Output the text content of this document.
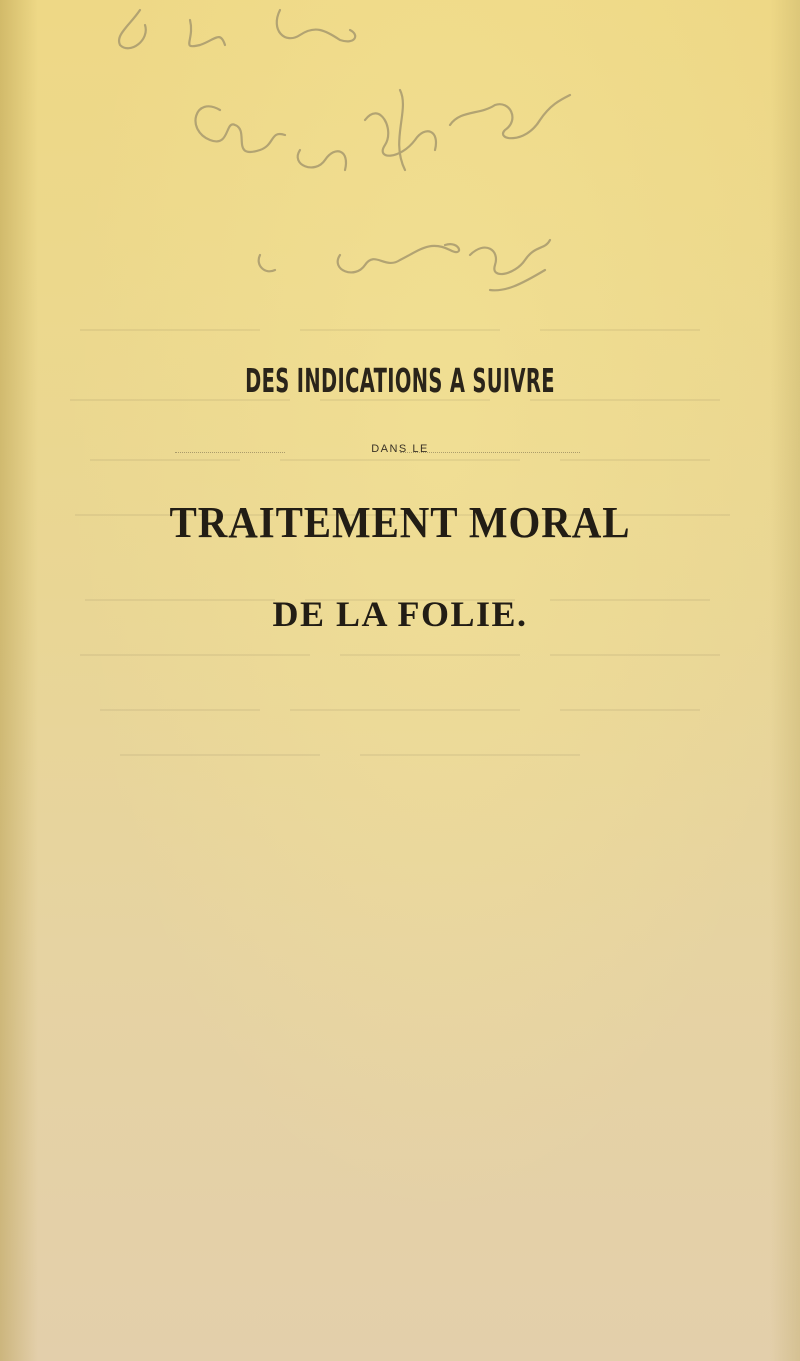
DES INDICATIONS A SUIVRE
DANS LE
TRAITEMENT MORAL
DE LA FOLIE.
